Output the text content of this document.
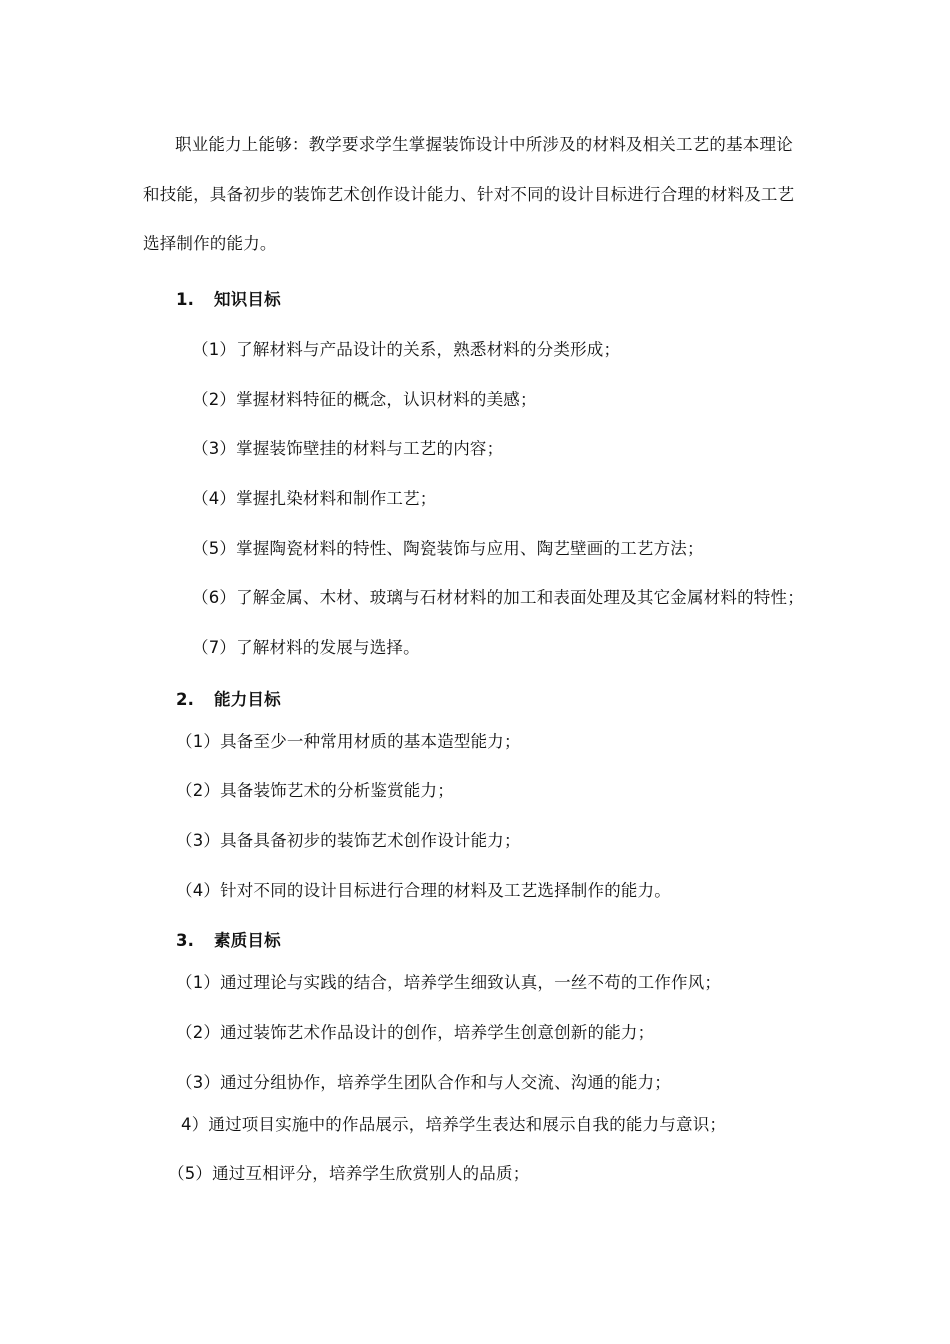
职业能力上能够：教学要求学生掌握装饰设计中所涉及的材料及相关工艺的基本理论
和技能，具备初步的装饰艺术创作设计能力、针对不同的设计目标进行合理的材料及工艺
选择制作的能力。
1. 知识目标
（1）了解材料与产品设计的关系，熟悉材料的分类形成；
（2）掌握材料特征的概念，认识材料的美感；
（3）掌握装饰壁挂的材料与工艺的内容；
（4）掌握扎染材料和制作工艺；
（5）掌握陶瓷材料的特性、陶瓷装饰与应用、陶艺壁画的工艺方法；
（6）了解金属、木材、玻璃与石材材料的加工和表面处理及其它金属材料的特性；
（7）了解材料的发展与选择。
2. 能力目标
（1）具备至少一种常用材质的基本造型能力；
（2）具备装饰艺术的分析鉴赏能力；
（3）具备具备初步的装饰艺术创作设计能力；
（4）针对不同的设计目标进行合理的材料及工艺选择制作的能力。
3. 素质目标
（1）通过理论与实践的结合，培养学生细致认真，一丝不苟的工作作风；
（2）通过装饰艺术作品设计的创作，培养学生创意创新的能力；
（3）通过分组协作，培养学生团队合作和与人交流、沟通的能力；
4）通过项目实施中的作品展示，培养学生表达和展示自我的能力与意识；
（5）通过互相评分，培养学生欣赏别人的品质；
